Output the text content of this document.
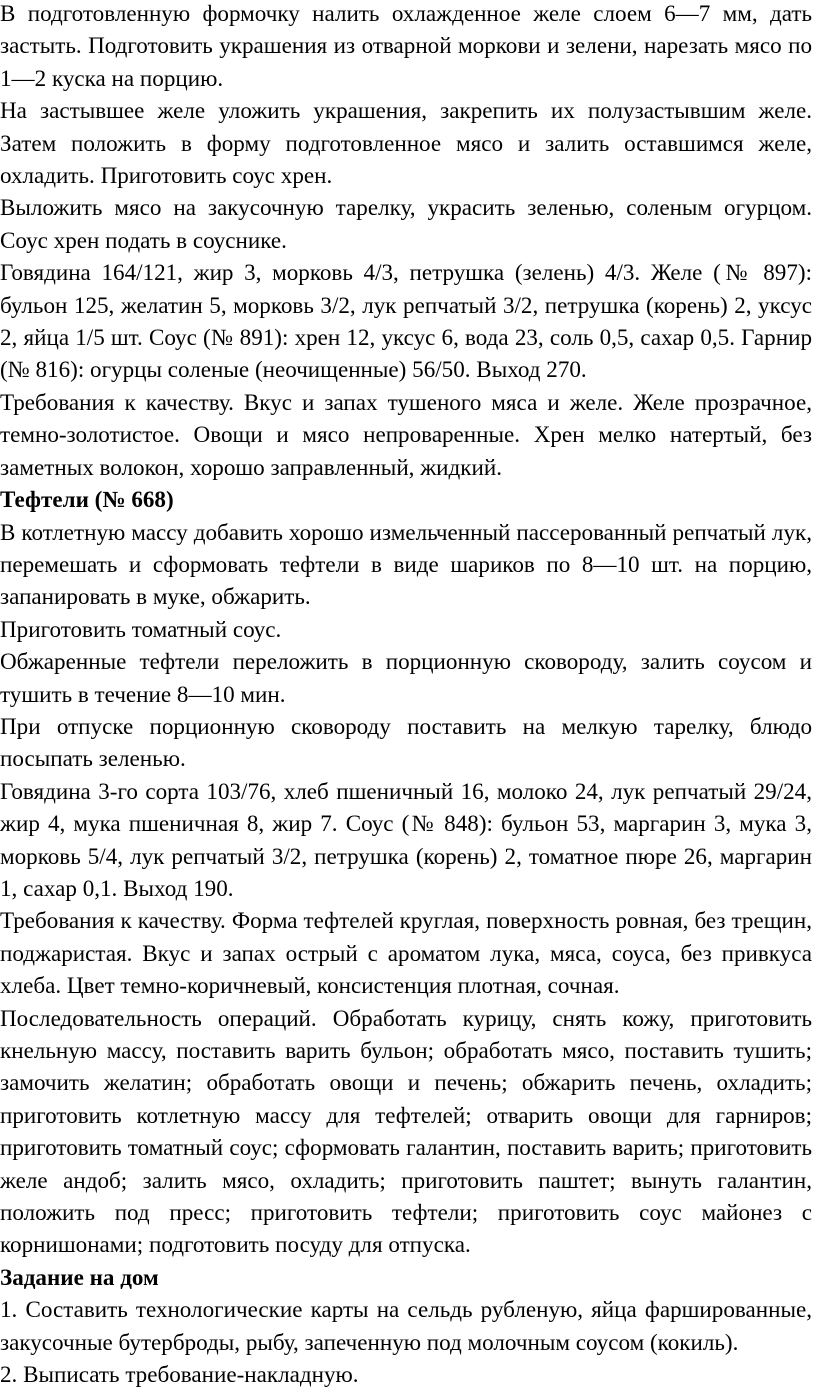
В подготовленную формочку налить охлажденное желе слоем 6—7 мм, дать застыть. Подготовить украшения из отварной моркови и зелени, нарезать мясо по 1—2 куска на порцию.

На застывшее желе уложить украшения, закрепить их полузастывшим желе. Затем положить в форму подготовленное мясо и залить оставшимся желе, охладить. Приготовить соус хрен.

Выложить мясо на закусочную тарелку, украсить зеленью, соленым огурцом. Соус хрен подать в соуснике.

Говядина 164/121, жир 3, морковь 4/3, петрушка (зелень) 4/3. Желе (№ 897): бульон 125, желатин 5, морковь 3/2, лук репчатый 3/2, петрушка (корень) 2, уксус 2, яйца 1/5 шт. Соус (№ 891): хрен 12, уксус 6, вода 23, соль 0,5, сахар 0,5. Гарнир (№ 816): огурцы соленые (неочищенные) 56/50. Выход 270.

Требования к качеству. Вкус и запах тушеного мяса и желе. Желе прозрачное, темно-золотистое. Овощи и мясо непроваренные. Хрен мелко натертый, без заметных волокон, хорошо заправленный, жидкий.

Тефтели (№ 668)

В котлетную массу добавить хорошо измельченный пассерованный репчатый лук, перемешать и сформовать тефтели в виде шариков по 8—10 шт. на порцию, запанировать в муке, обжарить.

Приготовить томатный соус.

Обжаренные тефтели переложить в порционную сковороду, залить соусом и тушить в течение 8—10 мин.

При отпуске порционную сковороду поставить на мелкую тарелку, блюдо посыпать зеленью.

Говядина 3-го сорта 103/76, хлеб пшеничный 16, молоко 24, лук репчатый 29/24, жир 4, мука пшеничная 8, жир 7. Соус (№ 848): бульон 53, маргарин 3, мука 3, морковь 5/4, лук репчатый 3/2, петрушка (корень) 2, томатное пюре 26, маргарин 1, сахар 0,1. Выход 190.

Требования к качеству. Форма тефтелей круглая, поверхность ровная, без трещин, поджаристая. Вкус и запах острый с ароматом лука, мяса, соуса, без привкуса хлеба. Цвет темно-коричневый, консистенция плотная, сочная.

Последовательность операций. Обработать курицу, снять кожу, приготовить кнельную массу, поставить варить бульон; обработать мясо, поставить тушить; замочить желатин; обработать овощи и печень; обжарить печень, охладить; приготовить котлетную массу для тефтелей; отварить овощи для гарниров; приготовить томатный соус; сформовать галантин, поставить варить; приготовить желе андоб; залить мясо, охладить; приготовить паштет; вынуть галантин, положить под пресс; приготовить тефтели; приготовить соус майонез с корнишонами; подготовить посуду для отпуска.

Задание на дом

1. Составить технологические карты на сельдь рубленую, яйца фаршированные, закусочные бутерброды, рыбу, запеченную под молочным соусом (кокиль).

2. Выписать требование-накладную.
